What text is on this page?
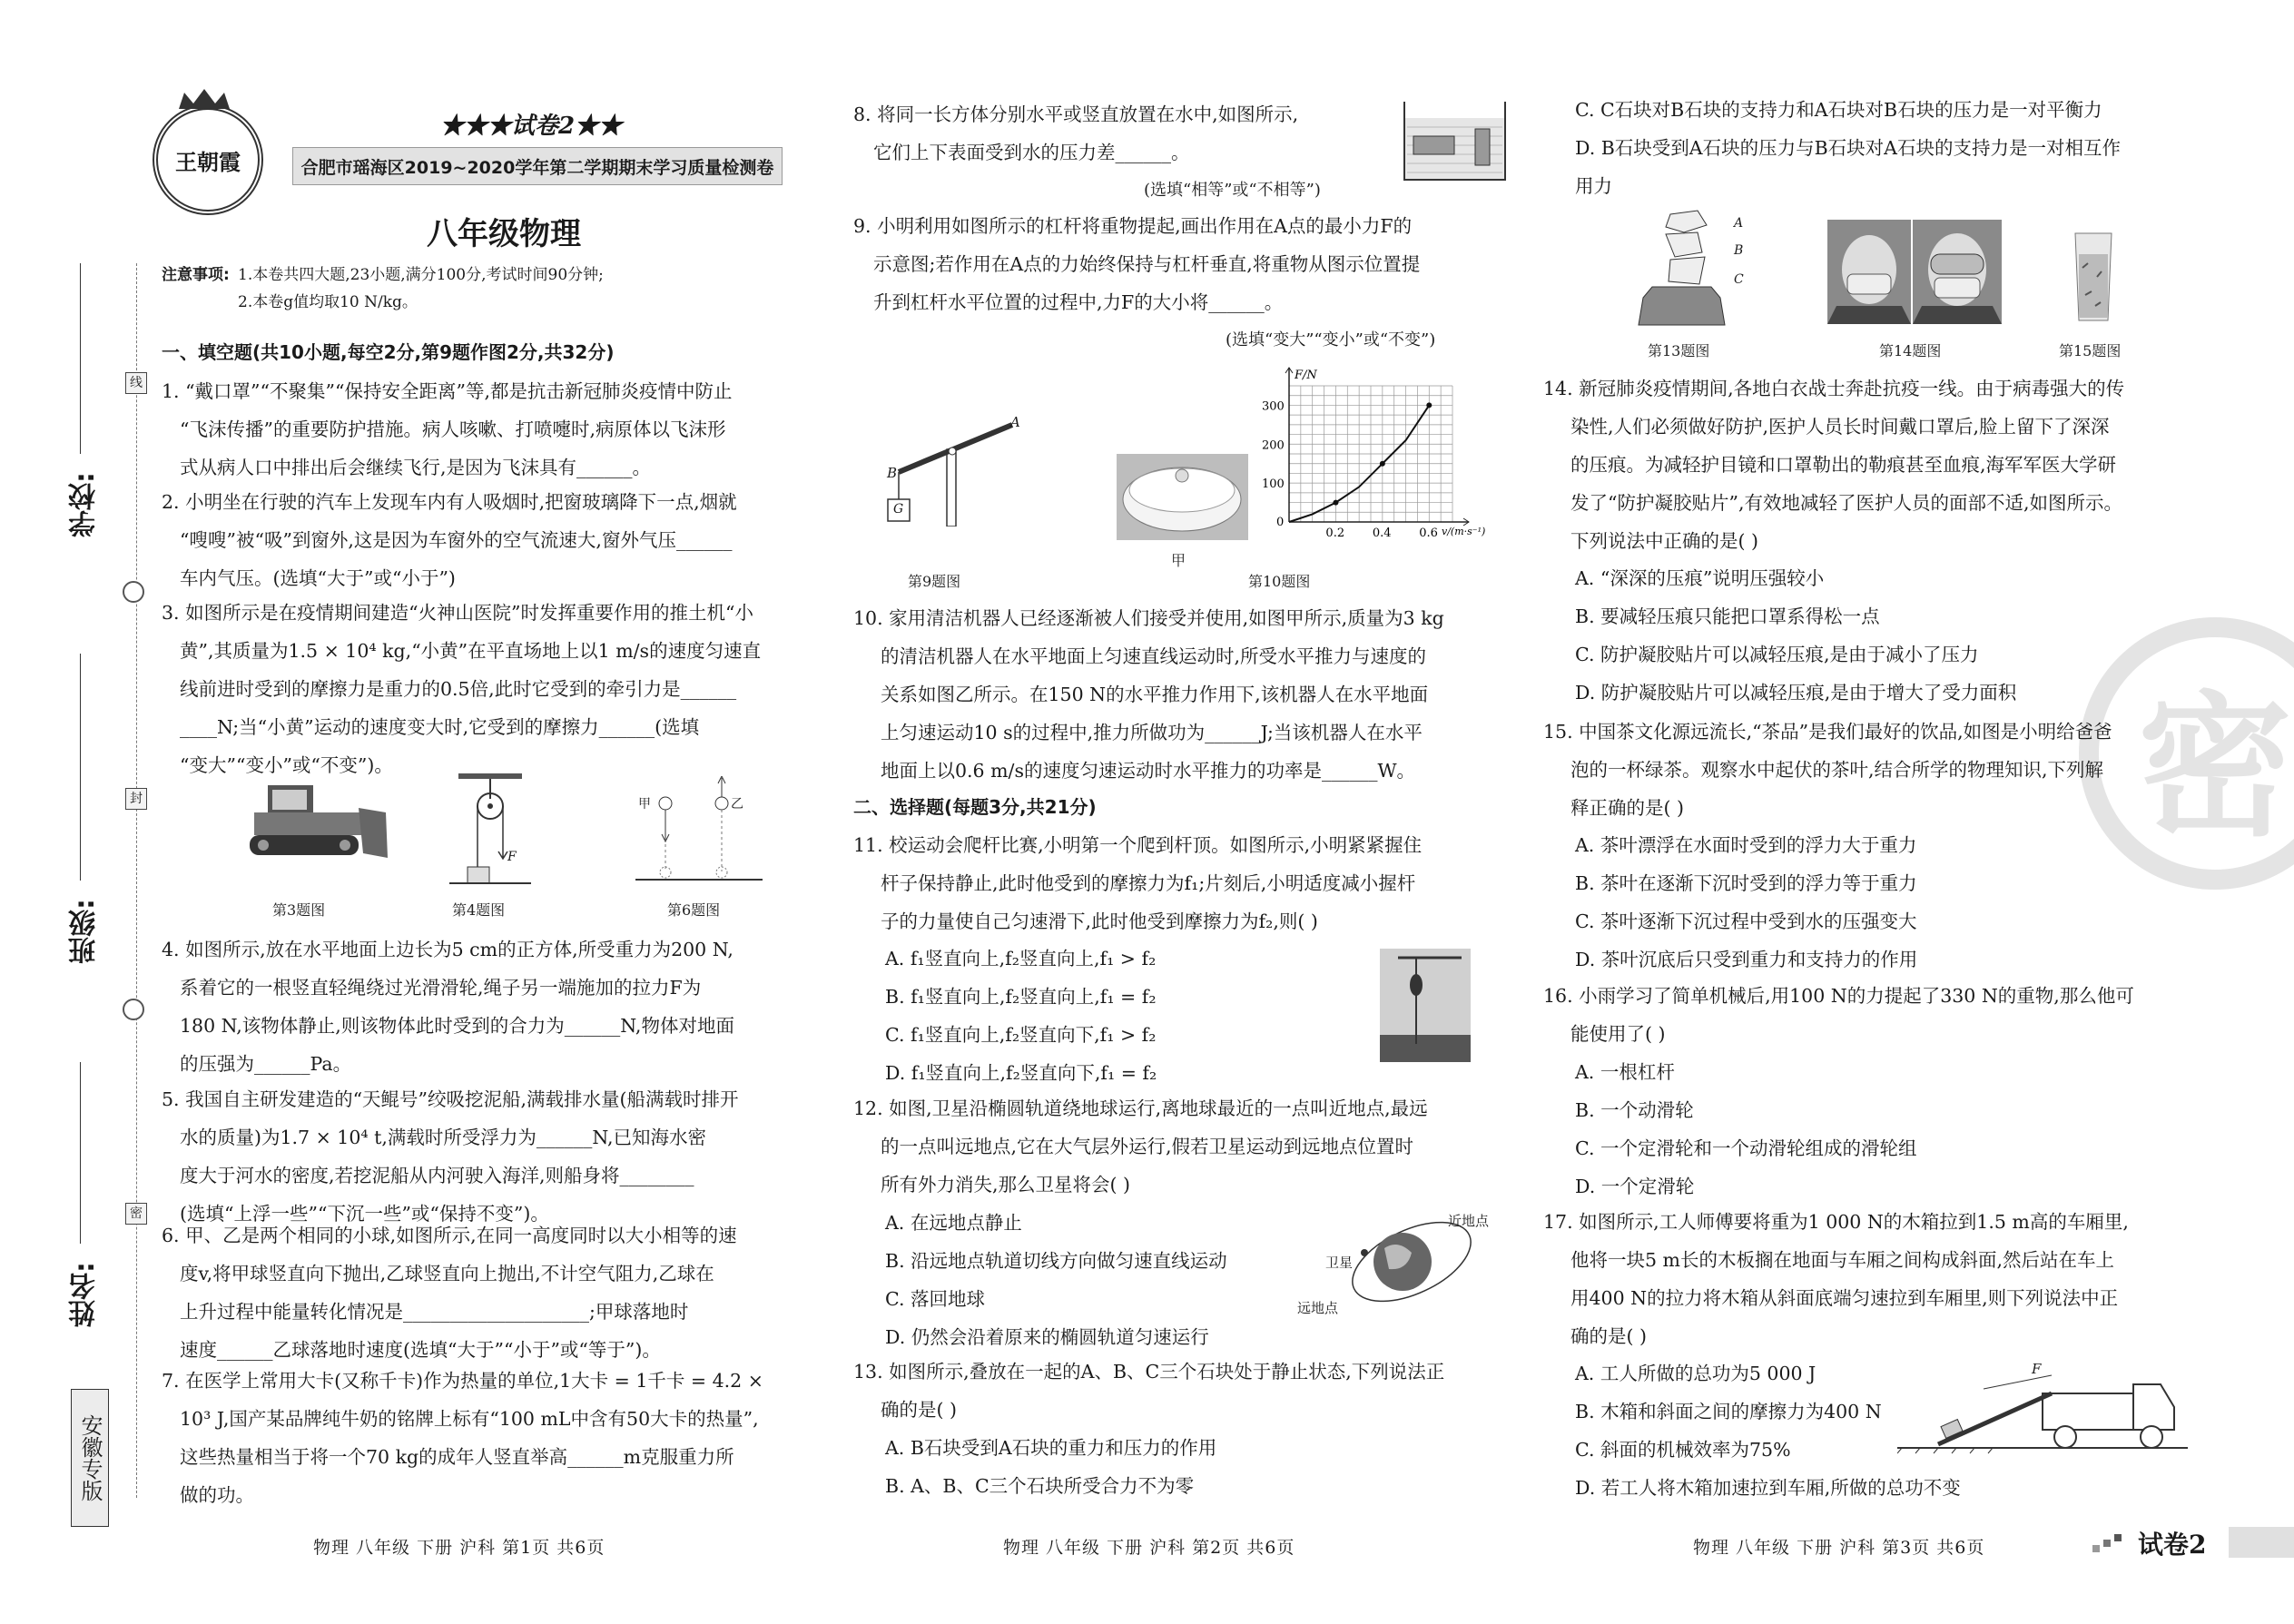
学校:
班级:
姓名:
线
封
密
安徽专版
王朝霞
★★★试卷2★★
合肥市瑶海区2019~2020学年第二学期期末学习质量检测卷
八年级物理
注意事项: 1.本卷共四大题,23小题,满分100分,考试时间90分钟;
2.本卷g值均取10 N/kg。
一、填空题(共10小题,每空2分,第9题作图2分,共32分)
1. “戴口罩”“不聚集”“保持安全距离”等,都是抗击新冠肺炎疫情中防止
“飞沫传播”的重要防护措施。病人咳嗽、打喷嚏时,病原体以飞沫形
式从病人口中排出后会继续飞行,是因为飞沫具有______。
2. 小明坐在行驶的汽车上发现车内有人吸烟时,把窗玻璃降下一点,烟就
“嗖嗖”被“吸”到窗外,这是因为车窗外的空气流速大,窗外气压______
车内气压。(选填“大于”或“小于”)
3. 如图所示是在疫情期间建造“火神山医院”时发挥重要作用的推土机“小
黄”,其质量为1.5 × 10⁴ kg,“小黄”在平直场地上以1 m/s的速度匀速直
线前进时受到的摩擦力是重力的0.5倍,此时它受到的牵引力是______
____N;当“小黄”运动的速度变大时,它受到的摩擦力______(选填
“变大”“变小”或“不变”)。
F
甲	乙
第3题图	第4题图	第6题图
4. 如图所示,放在水平地面上边长为5 cm的正方体,所受重力为200 N,
系着它的一根竖直轻绳绕过光滑滑轮,绳子另一端施加的拉力F为
180 N,该物体静止,则该物体此时受到的合力为______N,物体对地面
的压强为______Pa。
5. 我国自主研发建造的“天鲲号”绞吸挖泥船,满载排水量(船满载时排开
水的质量)为1.7 × 10⁴ t,满载时所受浮力为______N,已知海水密
度大于河水的密度,若挖泥船从内河驶入海洋,则船身将________
(选填“上浮一些”“下沉一些”或“保持不变”)。
6. 甲、乙是两个相同的小球,如图所示,在同一高度同时以大小相等的速
度v,将甲球竖直向下抛出,乙球竖直向上抛出,不计空气阻力,乙球在
上升过程中能量转化情况是____________________;甲球落地时
速度______乙球落地时速度(选填“大于”“小于”或“等于”)。
7. 在医学上常用大卡(又称千卡)作为热量的单位,1大卡 = 1千卡 = 4.2 ×
10³ J,国产某品牌纯牛奶的铭牌上标有“100 mL中含有50大卡的热量”,
这些热量相当于将一个70 kg的成年人竖直举高______m克服重力所
做的功。
物理 八年级 下册 沪科 第1页 共6页
8. 将同一长方体分别水平或竖直放置在水中,如图所示,
它们上下表面受到水的压力差______。
(选填“相等”或“不相等”)
9. 小明利用如图所示的杠杆将重物提起,画出作用在A点的最小力F的
示意图;若作用在A点的力始终保持与杠杆垂直,将重物从图示位置提
升到杠杆水平位置的过程中,力F的大小将______。
(选填“变大”“变小”或“不变”)
A
B
G
F/N
v/(m·s⁻¹)
0
0.2 0.4 0.6
100
200
300
第9题图
甲
第10题图
10. 家用清洁机器人已经逐渐被人们接受并使用,如图甲所示,质量为3 kg
的清洁机器人在水平地面上匀速直线运动时,所受水平推力与速度的
关系如图乙所示。在150 N的水平推力作用下,该机器人在水平地面
上匀速运动10 s的过程中,推力所做功为______J;当该机器人在水平
地面上以0.6 m/s的速度匀速运动时水平推力的功率是______W。
二、选择题(每题3分,共21分)
11. 校运动会爬杆比赛,小明第一个爬到杆顶。如图所示,小明紧紧握住
杆子保持静止,此时他受到的摩擦力为f₁;片刻后,小明适度减小握杆
子的力量使自己匀速滑下,此时他受到摩擦力为f₂,则( )
A. f₁竖直向上,f₂竖直向上,f₁ > f₂
B. f₁竖直向上,f₂竖直向上,f₁ = f₂
C. f₁竖直向上,f₂竖直向下,f₁ > f₂
D. f₁竖直向上,f₂竖直向下,f₁ = f₂
12. 如图,卫星沿椭圆轨道绕地球运行,离地球最近的一点叫近地点,最远
的一点叫远地点,它在大气层外运行,假若卫星运动到远地点位置时
所有外力消失,那么卫星将会( )
A. 在远地点静止
B. 沿远地点轨道切线方向做匀速直线运动
C. 落回地球
D. 仍然会沿着原来的椭圆轨道匀速运行
近地点
卫星
远地点
13. 如图所示,叠放在一起的A、B、C三个石块处于静止状态,下列说法正
确的是( )
A. B石块受到A石块的重力和压力的作用
B. A、B、C三个石块所受合力不为零
物理 八年级 下册 沪科 第2页 共6页
C. C石块对B石块的支持力和A石块对B石块的压力是一对平衡力
D. B石块受到A石块的压力与B石块对A石块的支持力是一对相互作
用力
A
B
C
第13题图	第14题图	第15题图
14. 新冠肺炎疫情期间,各地白衣战士奔赴抗疫一线。由于病毒强大的传
染性,人们必须做好防护,医护人员长时间戴口罩后,脸上留下了深深
的压痕。为减轻护目镜和口罩勒出的勒痕甚至血痕,海军军医大学研
发了“防护凝胶贴片”,有效地减轻了医护人员的面部不适,如图所示。
下列说法中正确的是( )
A. “深深的压痕”说明压强较小
B. 要减轻压痕只能把口罩系得松一点
C. 防护凝胶贴片可以减轻压痕,是由于减小了压力
D. 防护凝胶贴片可以减轻压痕,是由于增大了受力面积 密
15. 中国茶文化源远流长,“茶品”是我们最好的饮品,如图是小明给爸爸
泡的一杯绿茶。观察水中起伏的茶叶,结合所学的物理知识,下列解
释正确的是( )
A. 茶叶漂浮在水面时受到的浮力大于重力
B. 茶叶在逐渐下沉时受到的浮力等于重力
C. 茶叶逐渐下沉过程中受到水的压强变大
D. 茶叶沉底后只受到重力和支持力的作用
16. 小雨学习了简单机械后,用100 N的力提起了330 N的重物,那么他可
能使用了( )
A. 一根杠杆
B. 一个动滑轮
C. 一个定滑轮和一个动滑轮组成的滑轮组
D. 一个定滑轮
17. 如图所示,工人师傅要将重为1 000 N的木箱拉到1.5 m高的车厢里,
他将一块5 m长的木板搁在地面与车厢之间构成斜面,然后站在车上
用400 N的拉力将木箱从斜面底端匀速拉到车厢里,则下列说法中正
确的是( )
A. 工人所做的总功为5 000 J
B. 木箱和斜面之间的摩擦力为400 N
C. 斜面的机械效率为75%
D. 若工人将木箱加速拉到车厢,所做的总功不变
F
物理 八年级 下册 沪科 第3页 共6页	试卷2
